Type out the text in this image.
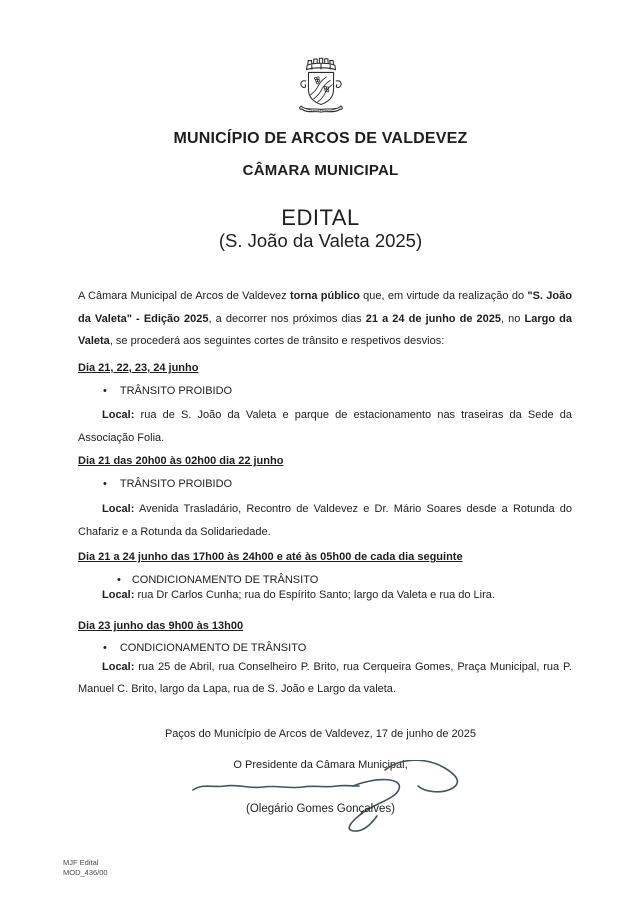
MUNICÍPIO DE ARCOS DE VALDEVEZ
CÂMARA MUNICIPAL
EDITAL
(S. João da Valeta 2025)

A Câmara Municipal de Arcos de Valdevez torna público que, em virtude da realização do "S. João da Valeta" - Edição 2025, a decorrer nos próximos dias 21 a 24 de junho de 2025, no Largo da Valeta, se procederá aos seguintes cortes de trânsito e respetivos desvios:

Dia 21, 22, 23, 24 junho
• TRÂNSITO PROIBIDO

Local: rua de S. João da Valeta e parque de estacionamento nas traseiras da Sede da Associação Folia.

Dia 21 das 20h00 às 02h00 dia 22 junho
• TRÂNSITO PROIBIDO

Local: Avenida Trasladário, Recontro de Valdevez e Dr. Mário Soares desde a Rotunda do Chafariz e a Rotunda da Solidariedade.

Dia 21 a 24 junho das 17h00 às 24h00 e até às 05h00 de cada dia seguinte
• CONDICIONAMENTO DE TRÂNSITO

Local: rua Dr Carlos Cunha; rua do Espírito Santo; largo da Valeta e rua do Lira.

Dia 23 junho das 9h00 às 13h00
• CONDICIONAMENTO DE TRÂNSITO

Local: rua 25 de Abril, rua Conselheiro P. Brito, rua Cerqueira Gomes, Praça Municipal, rua P. Manuel C. Brito, largo da Lapa, rua de S. João e Largo da valeta.

Paços do Município de Arcos de Valdevez, 17 de junho de 2025
O Presidente da Câmara Municipal,
(Olegário Gomes Gonçalves)
MJF Edital
MOD_436/00
